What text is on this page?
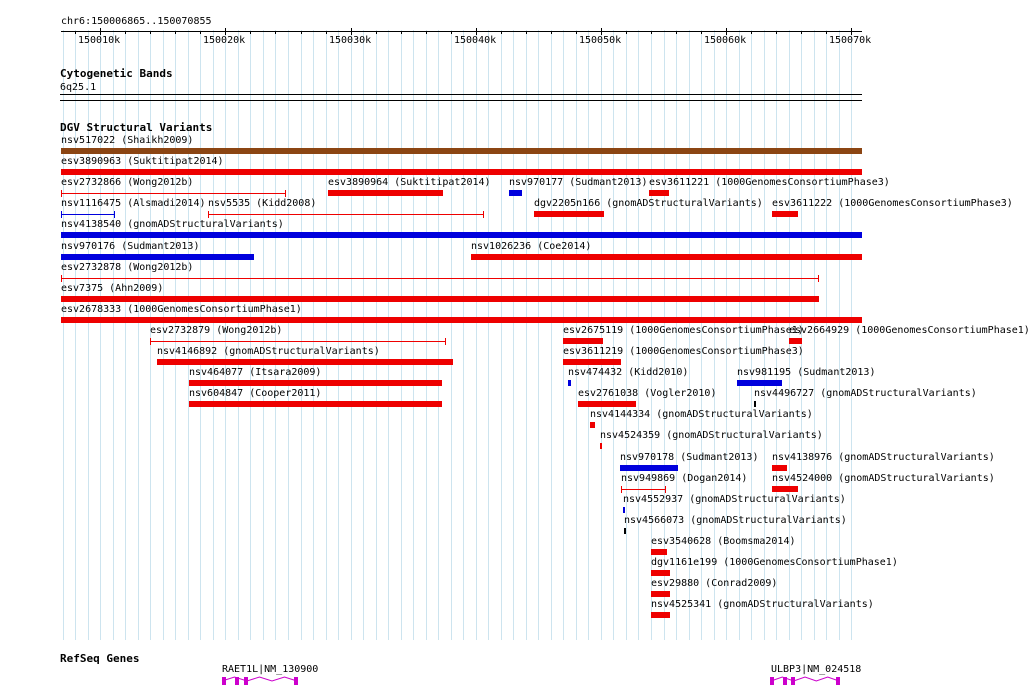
chr6:150006865..150070855
150010k	150020k	150030k	150040k	150050k	150060k	150070k
Cytogenetic Bands
6q25.1
DGV Structural Variants
nsv517022 (Shaikh2009)
esv3890963 (Suktitipat2014)
esv2732866 (Wong2012b)	esv3890964 (Suktitipat2014) nsv970177 (Sudmant2013) esv3611221 (1000GenomesConsortiumPhase3)
nsv1116475 (Alsmadi2014) nsv5535 (Kidd2008)	dgv2205n166 (gnomADStructuralVariants) esv3611222 (1000GenomesConsortiumPhase3)
nsv4138540 (gnomADStructuralVariants)
nsv970176 (Sudmant2013)	nsv1026236 (Coe2014)
esv2732878 (Wong2012b)
esv7375 (Ahn2009)
esv2678333 (1000GenomesConsortiumPhase1)
esv2732879 (Wong2012b)	esv2675119 (1000GenomesConsortiumPhase1)
esv2664929 (1000GenomesConsortiumPhase1)
nsv4146892 (gnomADStructuralVariants)	esv3611219 (1000GenomesConsortiumPhase3)
nsv464077 (Itsara2009)	nsv474432 (Kidd2010)	nsv981195 (Sudmant2013)
nsv604847 (Cooper2011)	esv2761038 (Vogler2010)	nsv4496727 (gnomADStructuralVariants)
nsv4144334 (gnomADStructuralVariants)
nsv4524359 (gnomADStructuralVariants)
nsv970178 (Sudmant2013) nsv4138976 (gnomADStructuralVariants)
nsv949869 (Dogan2014) nsv4524000 (gnomADStructuralVariants)
nsv4552937 (gnomADStructuralVariants)
nsv4566073 (gnomADStructuralVariants)
esv3540628 (Boomsma2014)
dgv1161e199 (1000GenomesConsortiumPhase1)
esv29880 (Conrad2009)
nsv4525341 (gnomADStructuralVariants)
RefSeq Genes
RAET1L|NM_130900	ULBP3|NM_024518
